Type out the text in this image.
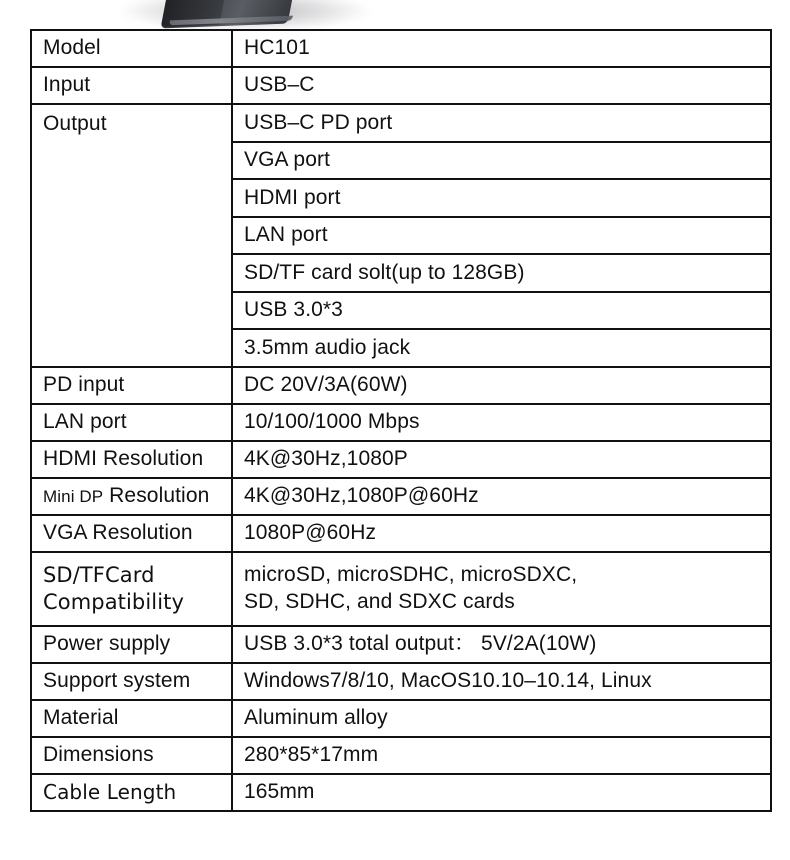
Model	HC101
Input	USB–C
Output	USB–C PD port
	VGA port
	HDMI port
	LAN port
	SD/TF card solt(up to 128GB)
	USB 3.0*3
	3.5mm audio jack
PD input	DC 20V/3A(60W)
LAN port	10/100/1000 Mbps
HDMI Resolution	4K@30Hz,1080P
Mini DP Resolution	4K@30Hz,1080P@60Hz
VGA Resolution	1080P@60Hz

SD/TFCard
Compatibility	microSD, microSDHC, microSDXC,
SD, SDHC, and SDXC cards

Power supply	USB 3.0*3 total output： 5V/2A(10W)
Support system	Windows7/8/10, MacOS10.10–10.14, Linux
Material	Aluminum alloy
Dimensions	280*85*17mm
Cable Length	165mm
